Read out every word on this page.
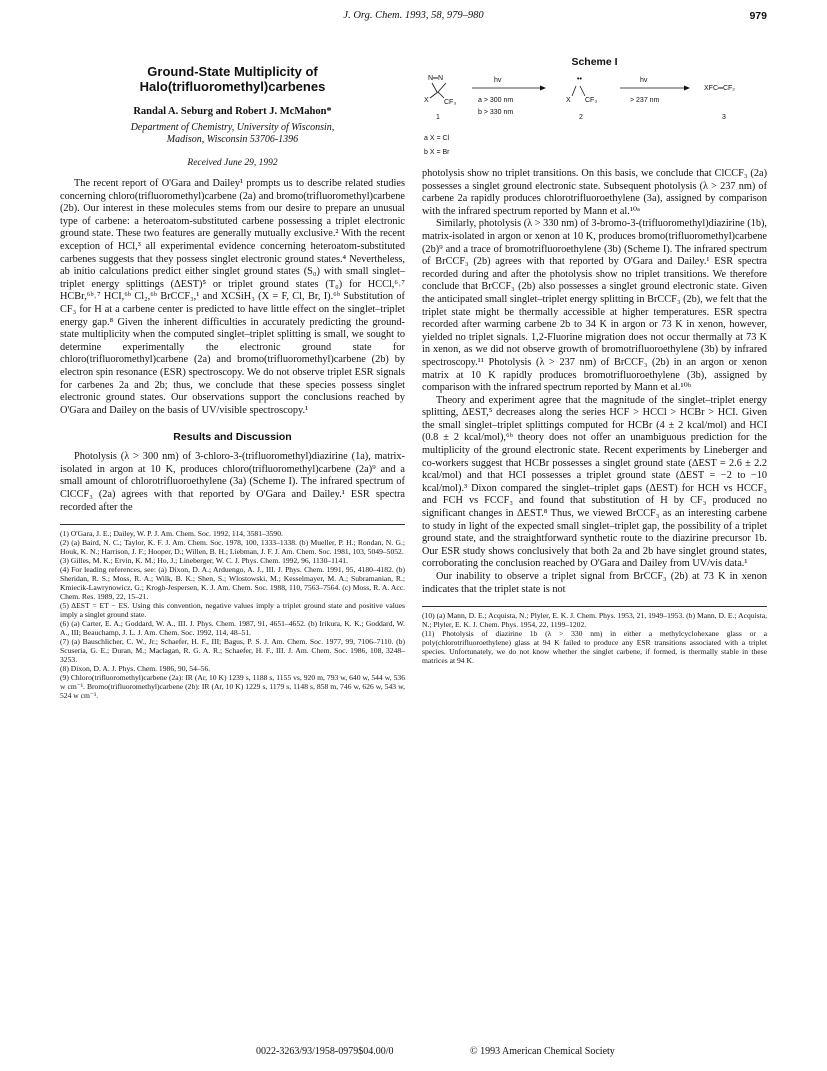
J. Org. Chem. 1993, 58, 979–980	979
Ground-State Multiplicity of
Halo(trifluoromethyl)carbenes
Randal A. Seburg and Robert J. McMahon*

Department of Chemistry, University of Wisconsin,
Madison, Wisconsin 53706-1396

Received June 29, 1992

The recent report of O'Gara and Dailey¹ prompts us to describe related studies concerning chloro(trifluoromethyl)carbene (2a) and bromo(trifluoromethyl)carbene (2b). Our interest in these molecules stems from our desire to prepare an unusual type of carbene: a heteroatom-substituted carbene possessing a triplet electronic ground state. These two features are generally mutually exclusive.² With the recent exception of HCl,³ all experimental evidence concerning heteroatom-substituted carbenes suggests that they possess singlet electronic ground states.⁴ Nevertheless, ab initio calculations predict either singlet ground states (S₀) with small singlet–triplet energy splittings (ΔEST)⁵ or triplet ground states (T₀) for HCCl,⁶˒⁷ HCBr,⁶ᵇ˒⁷ HCI,⁶ᵇ Cl₂,⁶ᵇ BrCCF₃,¹ and XCSiH₃ (X = F, Cl, Br, I).⁶ᵇ Substitution of CF₃ for H at a carbene center is predicted to have little effect on the singlet–triplet energy gap.⁸ Given the inherent difficulties in accurately predicting the ground-state multiplicity when the computed singlet–triplet splitting is small, we sought to determine experimentally the electronic ground state for chloro(trifluoromethyl)carbene (2a) and bromo(trifluoromethyl)carbene (2b) by electron spin resonance (ESR) spectroscopy. We do not observe triplet ESR signals for carbenes 2a and 2b; thus, we conclude that these species possess singlet electronic ground states. Our observations support the conclusions reached by O'Gara and Dailey on the basis of UV/visible spectroscopy.¹

Results and Discussion

Photolysis (λ > 300 nm) of 3-chloro-3-(trifluoromethyl)diazirine (1a), matrix-isolated in argon at 10 K, produces chloro(trifluoromethyl)carbene (2a)⁹ and a small amount of chlorotrifluoroethylene (3a) (Scheme I). The infrared spectrum of ClCCF₃ (2a) agrees with that reported by O'Gara and Dailey.¹ ESR spectra recorded after the

(1) O'Gara, J. E.; Dailey, W. P. J. Am. Chem. Soc. 1992, 114, 3581–3590.

(2) (a) Baird, N. C.; Taylor, K. F. J. Am. Chem. Soc. 1978, 100, 1333–1338. (b) Mueller, P. H.; Rondan, N. G.; Houk, K. N.; Harrison, J. F.; Hooper, D.; Willen, B. H.; Liebman, J. F. J. Am. Chem. Soc. 1981, 103, 5049–5052.

(3) Gilles, M. K.; Ervin, K. M.; Ho, J.; Lineberger, W. C. J. Phys. Chem. 1992, 96, 1130–1141.

(4) For leading references, see: (a) Dixon, D. A.; Arduengo, A. J., III. J. Phys. Chem. 1991, 95, 4180–4182. (b) Sheridan, R. S.; Moss, R. A.; Wilk, B. K.; Shen, S.; Wlostowski, M.; Kesselmayer, M. A.; Subramanian, R.; Kmiecik-Lawrynowicz, G.; Krogh-Jespersen, K. J. Am. Chem. Soc. 1988, 110, 7563–7564. (c) Moss, R. A. Acc. Chem. Res. 1989, 22, 15–21.

(5) ΔEST = ET − ES. Using this convention, negative values imply a triplet ground state and positive values imply a singlet ground state.

(6) (a) Carter, E. A.; Goddard, W. A., III. J. Phys. Chem. 1987, 91, 4651–4652. (b) Irikura, K. K.; Goddard, W. A., III; Beauchamp, J. L. J. Am. Chem. Soc. 1992, 114, 48–51.

(7) (a) Bauschlicher, C. W., Jr.; Schaefer, H. F., III; Bagus, P. S. J. Am. Chem. Soc. 1977, 99, 7106–7110. (b) Scuseria, G. E.; Duran, M.; Maclagan, R. G. A. R.; Schaefer, H. F., III. J. Am. Chem. Soc. 1986, 108, 3248–3253.

(8) Dixon, D. A. J. Phys. Chem. 1986, 90, 54–56.

(9) Chloro(trifluoromethyl)carbene (2a): IR (Ar, 10 K) 1239 s, 1188 s, 1155 vs, 920 m, 793 w, 640 w, 544 w, 536 w cm⁻¹. Bromo(trifluoromethyl)carbene (2b): IR (Ar, 10 K) 1229 s, 1179 s, 1148 s, 858 m, 746 w, 626 w, 543 w, 524 w cm⁻¹.

Scheme I
N═N
X CF₃
1
hv
a > 300 nm
b > 330 nm
••
X CF₃
2
hv
> 237 nm
XFC═CF₂
3
a X = Cl
b X = Br

photolysis show no triplet transitions. On this basis, we conclude that ClCCF₃ (2a) possesses a singlet ground electronic state. Subsequent photolysis (λ > 237 nm) of carbene 2a rapidly produces chlorotrifluoroethylene (3a), assigned by comparison with the infrared spectrum reported by Mann et al.¹⁰ᵃ

Similarly, photolysis (λ > 330 nm) of 3-bromo-3-(trifluoromethyl)diazirine (1b), matrix-isolated in argon or xenon at 10 K, produces bromo(trifluoromethyl)carbene (2b)⁹ and a trace of bromotrifluoroethylene (3b) (Scheme I). The infrared spectrum of BrCCF₃ (2b) agrees with that reported by O'Gara and Dailey.¹ ESR spectra recorded during and after the photolysis show no triplet transitions. We therefore conclude that BrCCF₃ (2b) also possesses a singlet ground electronic state. Given the anticipated small singlet–triplet energy splitting in BrCCF₃ (2b), we felt that the triplet state might be thermally accessible at higher temperatures. ESR spectra recorded after warming carbene 2b to 34 K in argon or 73 K in xenon, however, yielded no triplet signals. 1,2-Fluorine migration does not occur thermally at 73 K in xenon, as we did not observe growth of bromotrifluoroethylene (3b) by infrared spectroscopy.¹¹ Photolysis (λ > 237 nm) of BrCCF₃ (2b) in an argon or xenon matrix at 10 K rapidly produces bromotrifluoroethylene (3b), assigned by comparison with the infrared spectrum reported by Mann et al.¹⁰ᵇ

Theory and experiment agree that the magnitude of the singlet–triplet energy splitting, ΔEST,⁵ decreases along the series HCF > HCCl > HCBr > HCI. Given the small singlet–triplet splittings computed for HCBr (4 ± 2 kcal/mol) and HCI (0.8 ± 2 kcal/mol),⁶ᵇ theory does not offer an unambiguous prediction for the multiplicity of the ground electronic state. Recent experiments by Lineberger and co-workers suggest that HCBr possesses a singlet ground state (ΔEST = 2.6 ± 2.2 kcal/mol) and that HCI possesses a triplet ground state (ΔEST = −2 to −10 kcal/mol).³ Dixon compared the singlet–triplet gaps (ΔEST) for HCH vs HCCF₃ and FCH vs FCCF₃ and found that substitution of H by CF₃ produced no significant changes in ΔEST.⁸ Thus, we viewed BrCCF₃ as an interesting carbene to study in light of the expected small singlet–triplet gap, the possibility of a triplet ground state, and the straightforward synthetic route to the diazirine precursor 1b. Our ESR study shows conclusively that both 2a and 2b have singlet ground states, corroborating the conclusion reached by O'Gara and Dailey from UV/vis data.¹

Our inability to observe a triplet signal from BrCCF₃ (2b) at 73 K in xenon indicates that the triplet state is not

(10) (a) Mann, D. E.; Acquista, N.; Plyler, E. K. J. Chem. Phys. 1953, 21, 1949–1953. (b) Mann, D. E.; Acquista, N.; Plyler, E. K. J. Chem. Phys. 1954, 22, 1199–1202.

(11) Photolysis of diazirine 1b (λ > 330 nm) in either a methylcyclohexane glass or a poly(chlorotrifluoroethylene) glass at 94 K failed to produce any ESR transitions associated with a triplet species. Unfortunately, we do not know whether the singlet carbene, if formed, is thermally stable in these matrices at 94 K.

0022-3263/93/1958-0979$04.00/0	© 1993 American Chemical Society
